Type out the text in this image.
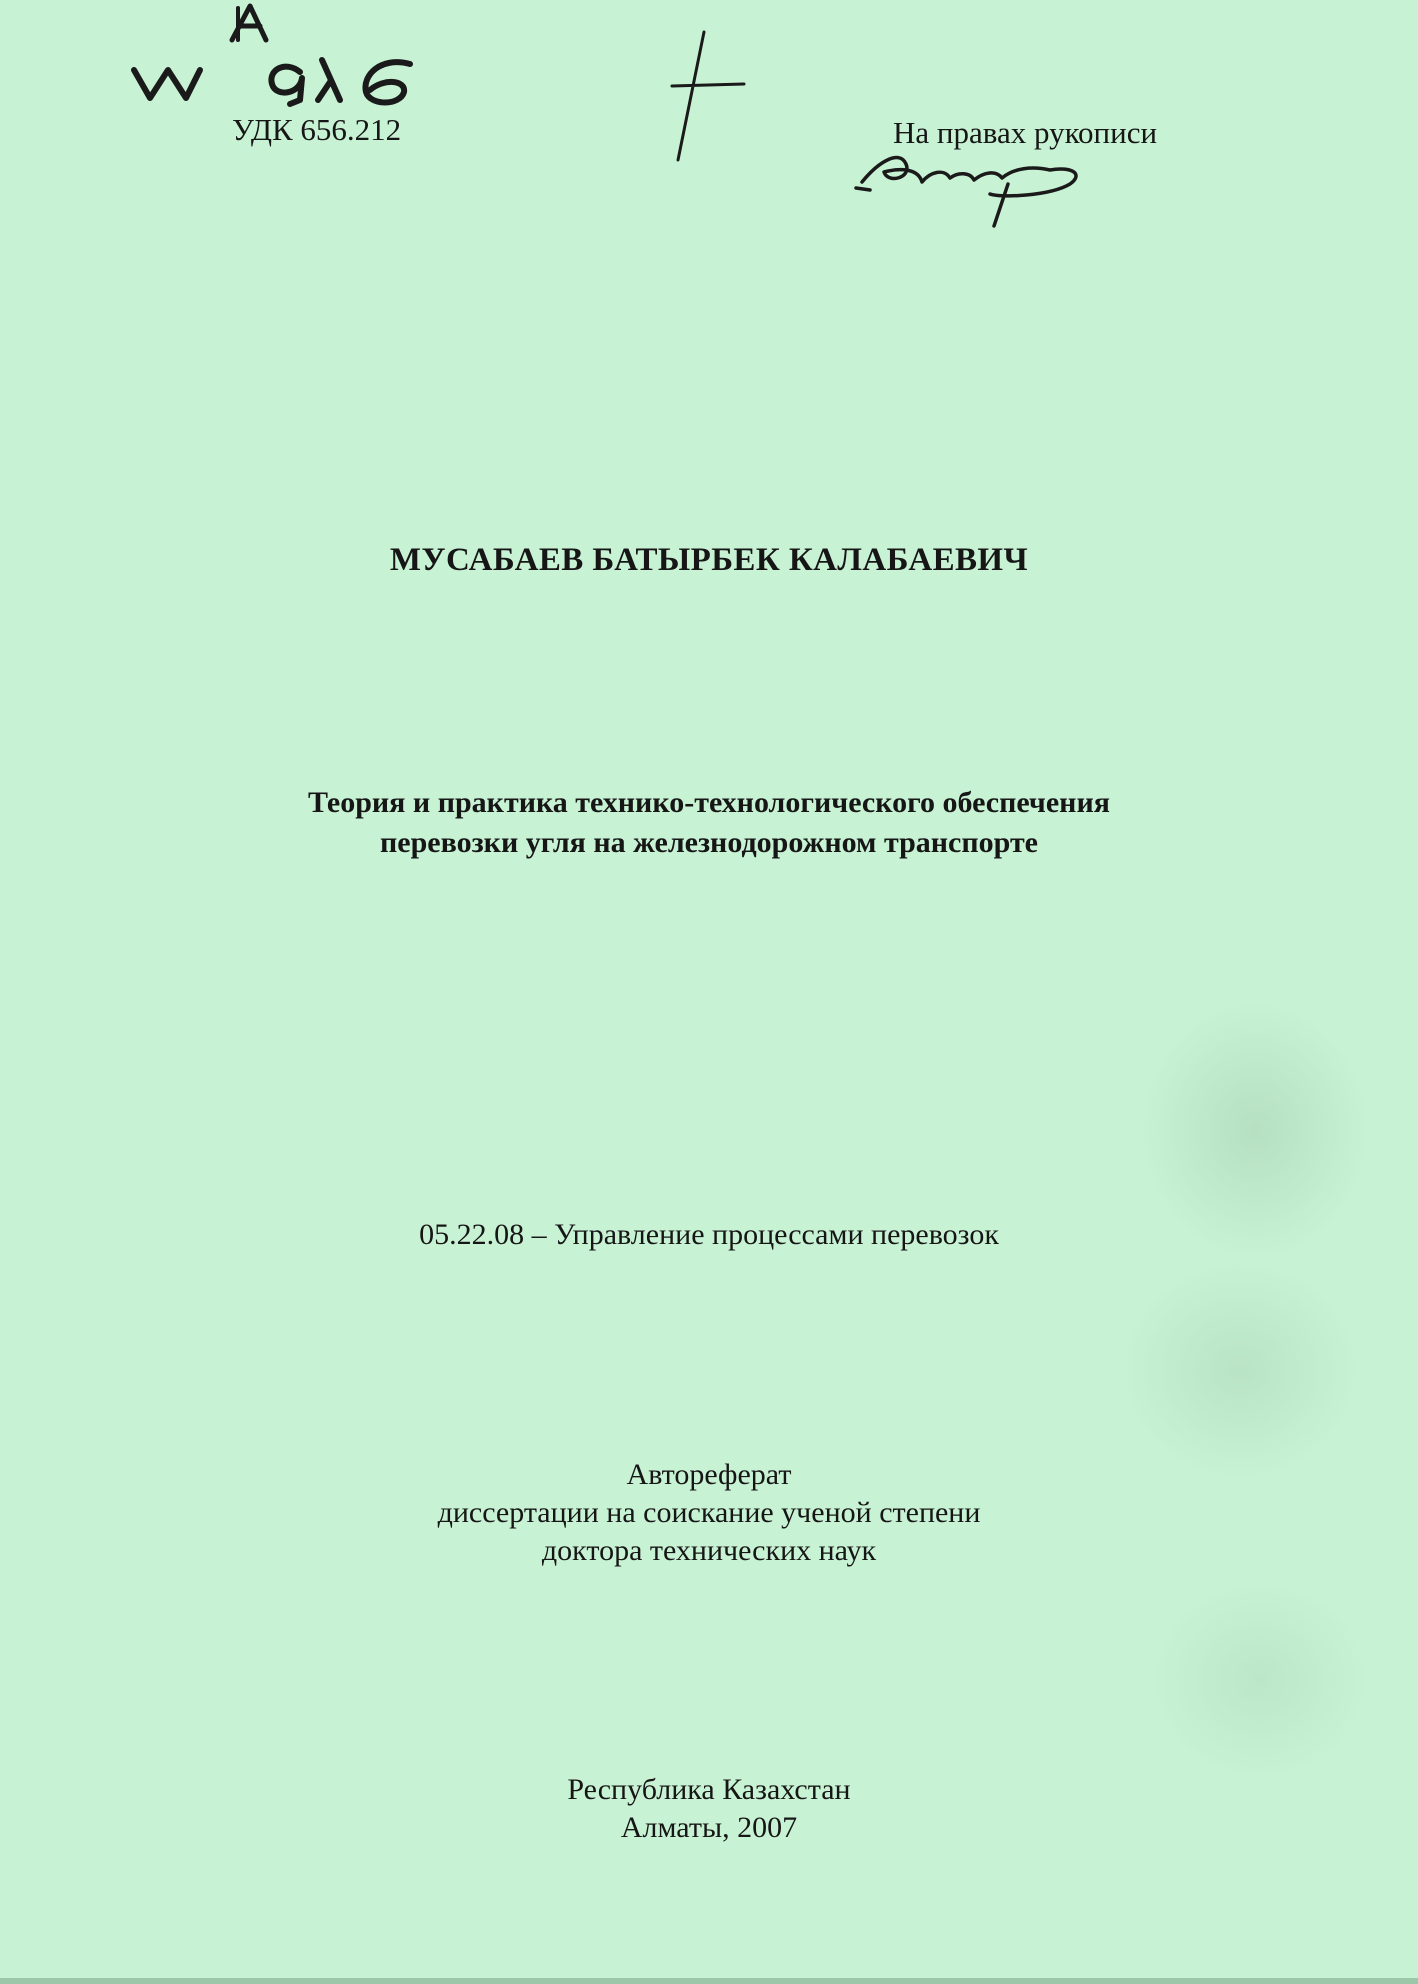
УДК 656.212	На правах рукописи

МУСАБАЕВ БАТЫРБЕК КАЛАБАЕВИЧ

Теория и практика технико-технологического обеспечения
перевозки угля на железнодорожном транспорте

05.22.08 – Управление процессами перевозок

Автореферат
диссертации на соискание ученой степени
доктора технических наук

Республика Казахстан
Алматы, 2007
